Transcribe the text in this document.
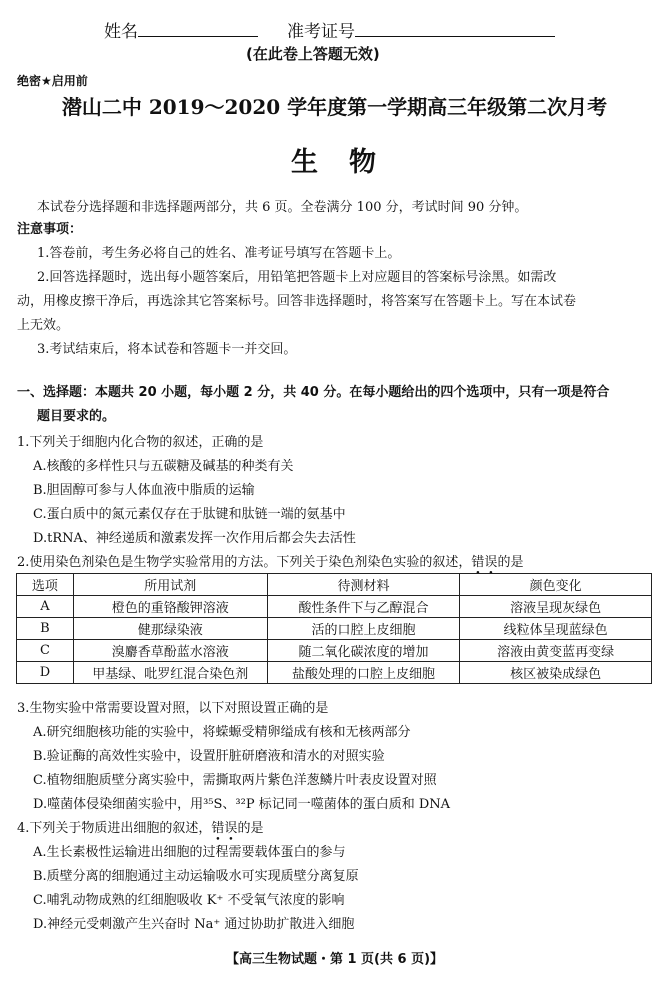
姓名	准考证号
(在此卷上答题无效)
绝密★启用前
潜山二中 2019～2020 学年度第一学期高三年级第二次月考
生　物
本试卷分选择题和非选择题两部分，共 6 页。全卷满分 100 分，考试时间 90 分钟。
注意事项：
1.答卷前，考生务必将自己的姓名、准考证号填写在答题卡上。
2.回答选择题时，选出每小题答案后，用铅笔把答题卡上对应题目的答案标号涂黑。如需改
动，用橡皮擦干净后，再选涂其它答案标号。回答非选择题时，将答案写在答题卡上。写在本试卷
上无效。
3.考试结束后，将本试卷和答题卡一并交回。
一、选择题：本题共 20 小题，每小题 2 分，共 40 分。在每小题给出的四个选项中，只有一项是符合
题目要求的。
1.下列关于细胞内化合物的叙述，正确的是
A.核酸的多样性只与五碳糖及碱基的种类有关
B.胆固醇可参与人体血液中脂质的运输
C.蛋白质中的氮元素仅存在于肽键和肽链一端的氨基中
D.tRNA、神经递质和激素发挥一次作用后都会失去活性
2.使用染色剂染色是生物学实验常用的方法。下列关于染色剂染色实验的叙述，错误的是
选项	所用试剂	待测材料	颜色变化
A	橙色的重铬酸钾溶液	酸性条件下与乙醇混合	溶液呈现灰绿色
B	健那绿染液	活的口腔上皮细胞	线粒体呈现蓝绿色
C	溴麝香草酚蓝水溶液	随二氧化碳浓度的增加	溶液由黄变蓝再变绿
D	甲基绿、吡罗红混合染色剂	盐酸处理的口腔上皮细胞	核区被染成绿色
3.生物实验中常需要设置对照，以下对照设置正确的是
A.研究细胞核功能的实验中，将蝾螈受精卵缢成有核和无核两部分
B.验证酶的高效性实验中，设置肝脏研磨液和清水的对照实验
C.植物细胞质壁分离实验中，需撕取两片紫色洋葱鳞片叶表皮设置对照
D.噬菌体侵染细菌实验中，用³⁵S、³²P 标记同一噬菌体的蛋白质和 DNA
4.下列关于物质进出细胞的叙述，错误的是
A.生长素极性运输进出细胞的过程需要载体蛋白的参与
B.质壁分离的细胞通过主动运输吸水可实现质壁分离复原
C.哺乳动物成熟的红细胞吸收 K⁺ 不受氧气浓度的影响
D.神经元受刺激产生兴奋时 Na⁺ 通过协助扩散进入细胞
【高三生物试题・第 1 页(共 6 页)】
